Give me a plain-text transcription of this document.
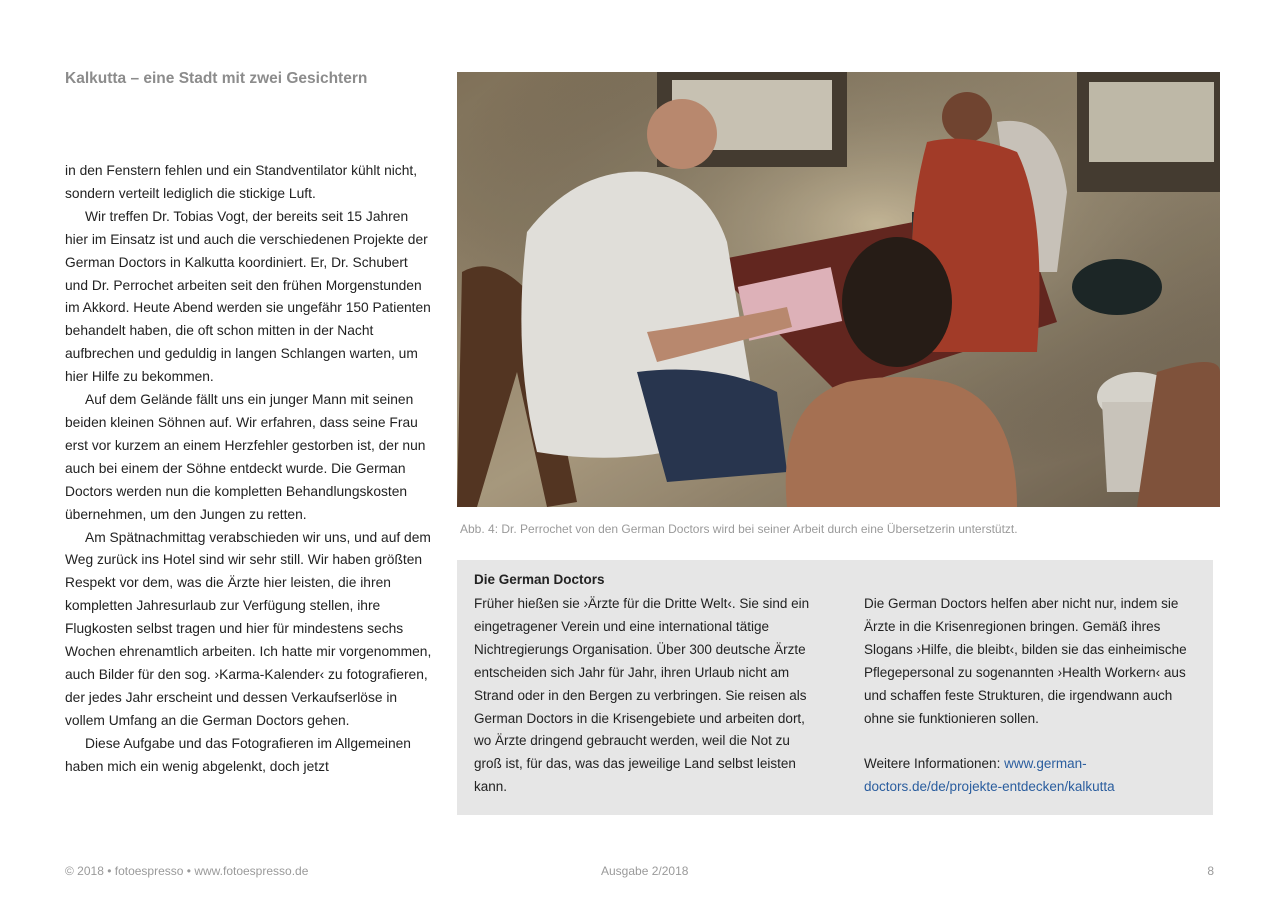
Kalkutta – eine Stadt mit zwei Gesichtern

in den Fenstern fehlen und ein Standventilator kühlt nicht, sondern verteilt lediglich die stickige Luft.

Wir treffen Dr. Tobias Vogt, der bereits seit 15 Jahren hier im Einsatz ist und auch die verschiedenen Projekte der German Doctors in Kalkutta koordiniert. Er, Dr. Schubert und Dr. Perrochet arbeiten seit den frühen Morgenstunden im Akkord. Heute Abend werden sie ungefähr 150 Patienten behandelt haben, die oft schon mitten in der Nacht aufbrechen und geduldig in langen Schlangen warten, um hier Hilfe zu bekommen.

Auf dem Gelände fällt uns ein junger Mann mit seinen beiden kleinen Söhnen auf. Wir erfahren, dass seine Frau erst vor kurzem an einem Herzfehler gestorben ist, der nun auch bei einem der Söhne entdeckt wurde. Die German Doctors werden nun die kompletten Behandlungskosten übernehmen, um den Jungen zu retten.

Am Spätnachmittag verabschieden wir uns, und auf dem Weg zurück ins Hotel sind wir sehr still. Wir haben größten Respekt vor dem, was die Ärzte hier leisten, die ihren kompletten Jahresurlaub zur Verfügung stellen, ihre Flugkosten selbst tragen und hier für mindestens sechs Wochen ehrenamtlich arbeiten. Ich hatte mir vorgenommen, auch Bilder für den sog. ›Karma-Kalender‹ zu fotografieren, der jedes Jahr erscheint und dessen Verkaufserlöse in vollem Umfang an die German Doctors gehen.

Diese Aufgabe und das Fotografieren im Allgemeinen haben mich ein wenig abgelenkt, doch jetzt

Abb. 4: Dr. Perrochet von den German Doctors wird bei seiner Arbeit durch eine Übersetzerin unterstützt.
Die German Doctors

Früher hießen sie ›Ärzte für die Dritte Welt‹. Sie sind ein eingetragener Verein und eine international tätige Nichtregierungs Organisation. Über 300 deutsche Ärzte entscheiden sich Jahr für Jahr, ihren Urlaub nicht am Strand oder in den Bergen zu verbringen. Sie reisen als German Doctors in die Krisengebiete und arbeiten dort, wo Ärzte dringend gebraucht werden, weil die Not zu groß ist, für das, was das jeweilige Land selbst leisten kann.

Die German Doctors helfen aber nicht nur, indem sie Ärzte in die Krisenregionen bringen. Gemäß ihres Slogans ›Hilfe, die bleibt‹, bilden sie das einheimische Pflegepersonal zu sogenannten ›Health Workern‹ aus und schaffen feste Strukturen, die irgendwann auch ohne sie funktionieren sollen.

Weitere Informationen: www.german-doctors.de/de/projekte-entdecken/kalkutta

© 2018 • fotoespresso • www.fotoespresso.de	Ausgabe 2/2018	8
